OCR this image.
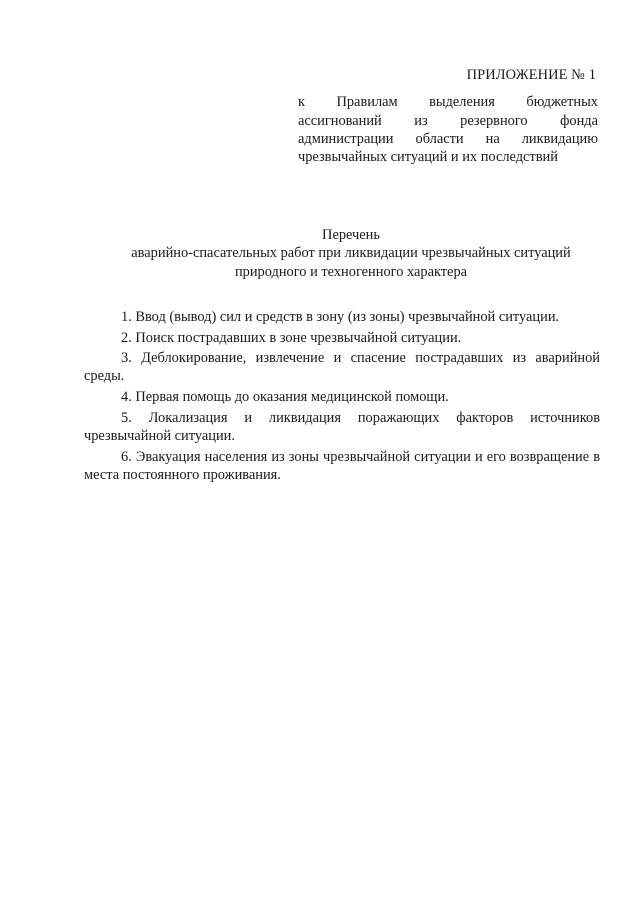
ПРИЛОЖЕНИЕ № 1
к Правилам выделения бюджетных ассигнований из резервного фонда администрации области на ликвидацию чрезвычайных ситуаций и их последствий
Перечень
аварийно-спасательных работ при ликвидации чрезвычайных ситуаций
природного и техногенного характера

1. Ввод (вывод) сил и средств в зону (из зоны) чрезвычайной ситуации.

2. Поиск пострадавших в зоне чрезвычайной ситуации.

3. Деблокирование, извлечение и спасение пострадавших из аварийной среды.

4. Первая помощь до оказания медицинской помощи.

5. Локализация и ликвидация поражающих факторов источников чрезвычайной ситуации.

6. Эвакуация населения из зоны чрезвычайной ситуации и его возвращение в места постоянного проживания.
